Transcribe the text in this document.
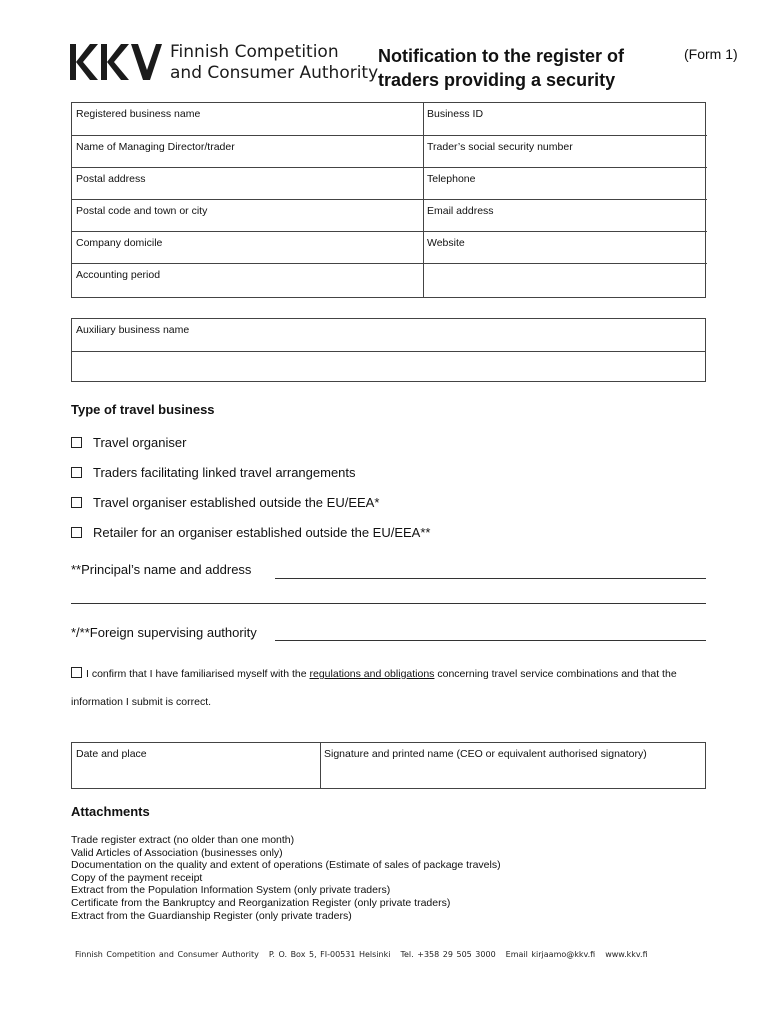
Finnish Competition
and Consumer Authority
Notification to the register of
traders providing a security
(Form 1)
Registered business name	Business ID
Name of Managing Director/trader	Trader’s social security number
Postal address	Telephone
Postal code and town or city	Email address
Company domicile	Website
Accounting period
Auxiliary business name
Type of travel business
Travel organiser
Traders facilitating linked travel arrangements
Travel organiser established outside the EU/EEA*
Retailer for an organiser established outside the EU/EEA**
**Principal’s name and address
*/**Foreign supervising authority
I confirm that I have familiarised myself with the regulations and obligations concerning travel service combinations and that the
information I submit is correct.
Date and place	Signature and printed name (CEO or equivalent authorised signatory)
Attachments
Trade register extract (no older than one month)
Valid Articles of Association (businesses only)
Documentation on the quality and extent of operations (Estimate of sales of package travels)
Copy of the payment receipt
Extract from the Population Information System (only private traders)
Certificate from the Bankruptcy and Reorganization Register (only private traders)
Extract from the Guardianship Register (only private traders)
Finnish Competition and Consumer Authority P. O. Box 5, FI-00531 Helsinki Tel. +358 29 505 3000 Email kirjaamo@kkv.fi www.kkv.fi
